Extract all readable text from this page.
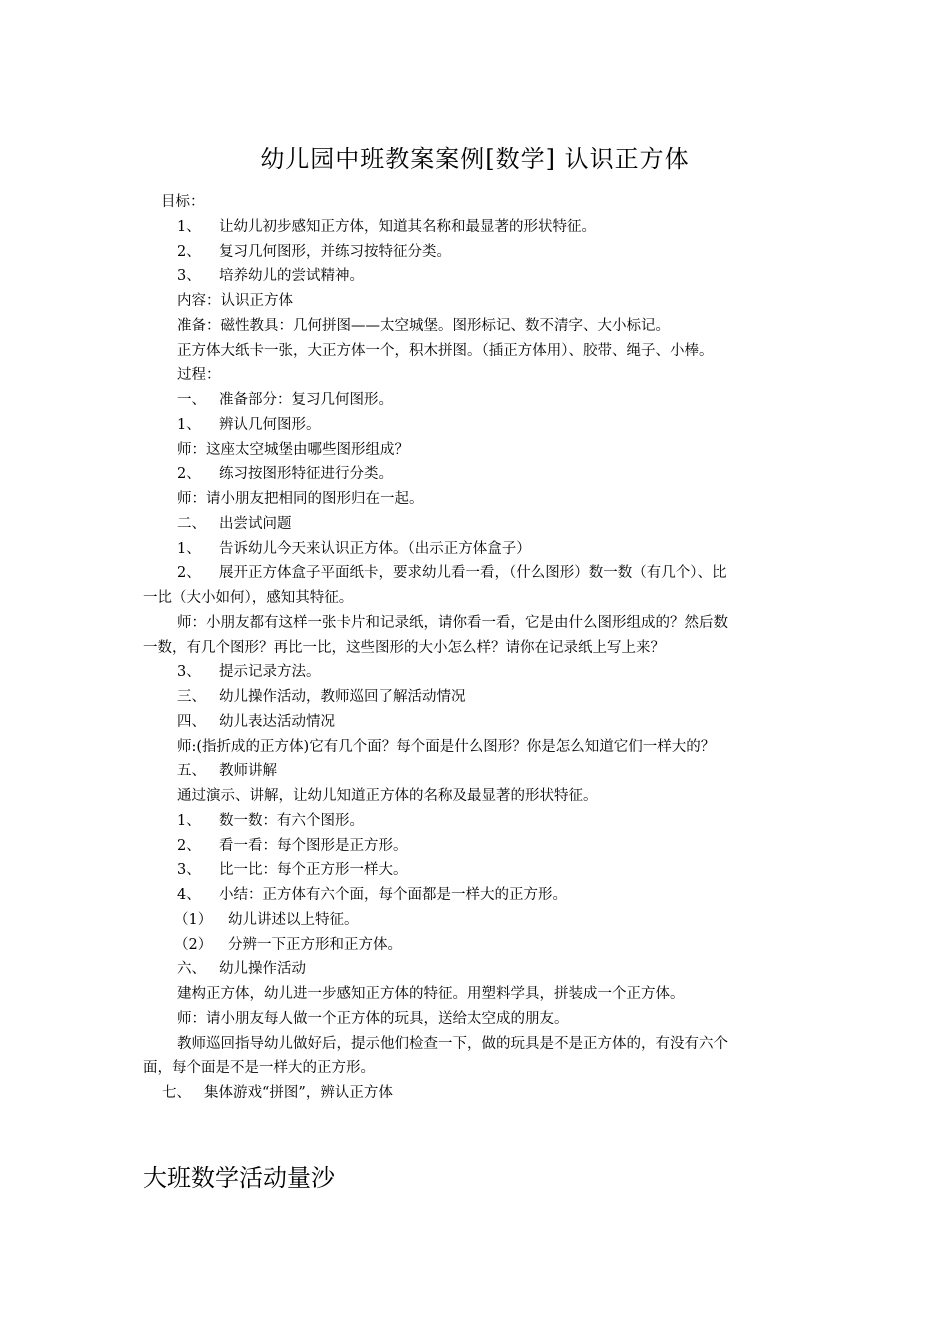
幼儿园中班教案案例[数学] 认识正方体
目标：
1、 让幼儿初步感知正方体，知道其名称和最显著的形状特征。
2、 复习几何图形，并练习按特征分类。
3、 培养幼儿的尝试精神。
内容：认识正方体
准备：磁性教具：几何拼图——太空城堡。图形标记、数不清字、大小标记。
正方体大纸卡一张，大正方体一个，积木拼图。（插正方体用）、胶带、绳子、小棒。
过程：
一、 准备部分：复习几何图形。
1、 辨认几何图形。
师：这座太空城堡由哪些图形组成？
2、 练习按图形特征进行分类。
师：请小朋友把相同的图形归在一起。
二、 出尝试问题
1、 告诉幼儿今天来认识正方体。（出示正方体盒子）
2、 展开正方体盒子平面纸卡，要求幼儿看一看，（什么图形）数一数（有几个）、比
一比（大小如何），感知其特征。
师：小朋友都有这样一张卡片和记录纸，请你看一看，它是由什么图形组成的？然后数
一数，有几个图形？再比一比，这些图形的大小怎么样？请你在记录纸上写上来？
3、 提示记录方法。
三、 幼儿操作活动，教师巡回了解活动情况
四、 幼儿表达活动情况
师:(指折成的正方体)它有几个面？每个面是什么图形？你是怎么知道它们一样大的？
五、 教师讲解
通过演示、讲解，让幼儿知道正方体的名称及最显著的形状特征。
1、 数一数：有六个图形。
2、 看一看：每个图形是正方形。
3、 比一比：每个正方形一样大。
4、 小结：正方体有六个面，每个面都是一样大的正方形。
（1） 幼儿讲述以上特征。
（2） 分辨一下正方形和正方体。
六、 幼儿操作活动
建构正方体，幼儿进一步感知正方体的特征。用塑料学具，拼装成一个正方体。
师：请小朋友每人做一个正方体的玩具，送给太空成的朋友。
教师巡回指导幼儿做好后，提示他们检查一下，做的玩具是不是正方体的，有没有六个
面，每个面是不是一样大的正方形。
七、 集体游戏“拼图”，辨认正方体
大班数学活动量沙
